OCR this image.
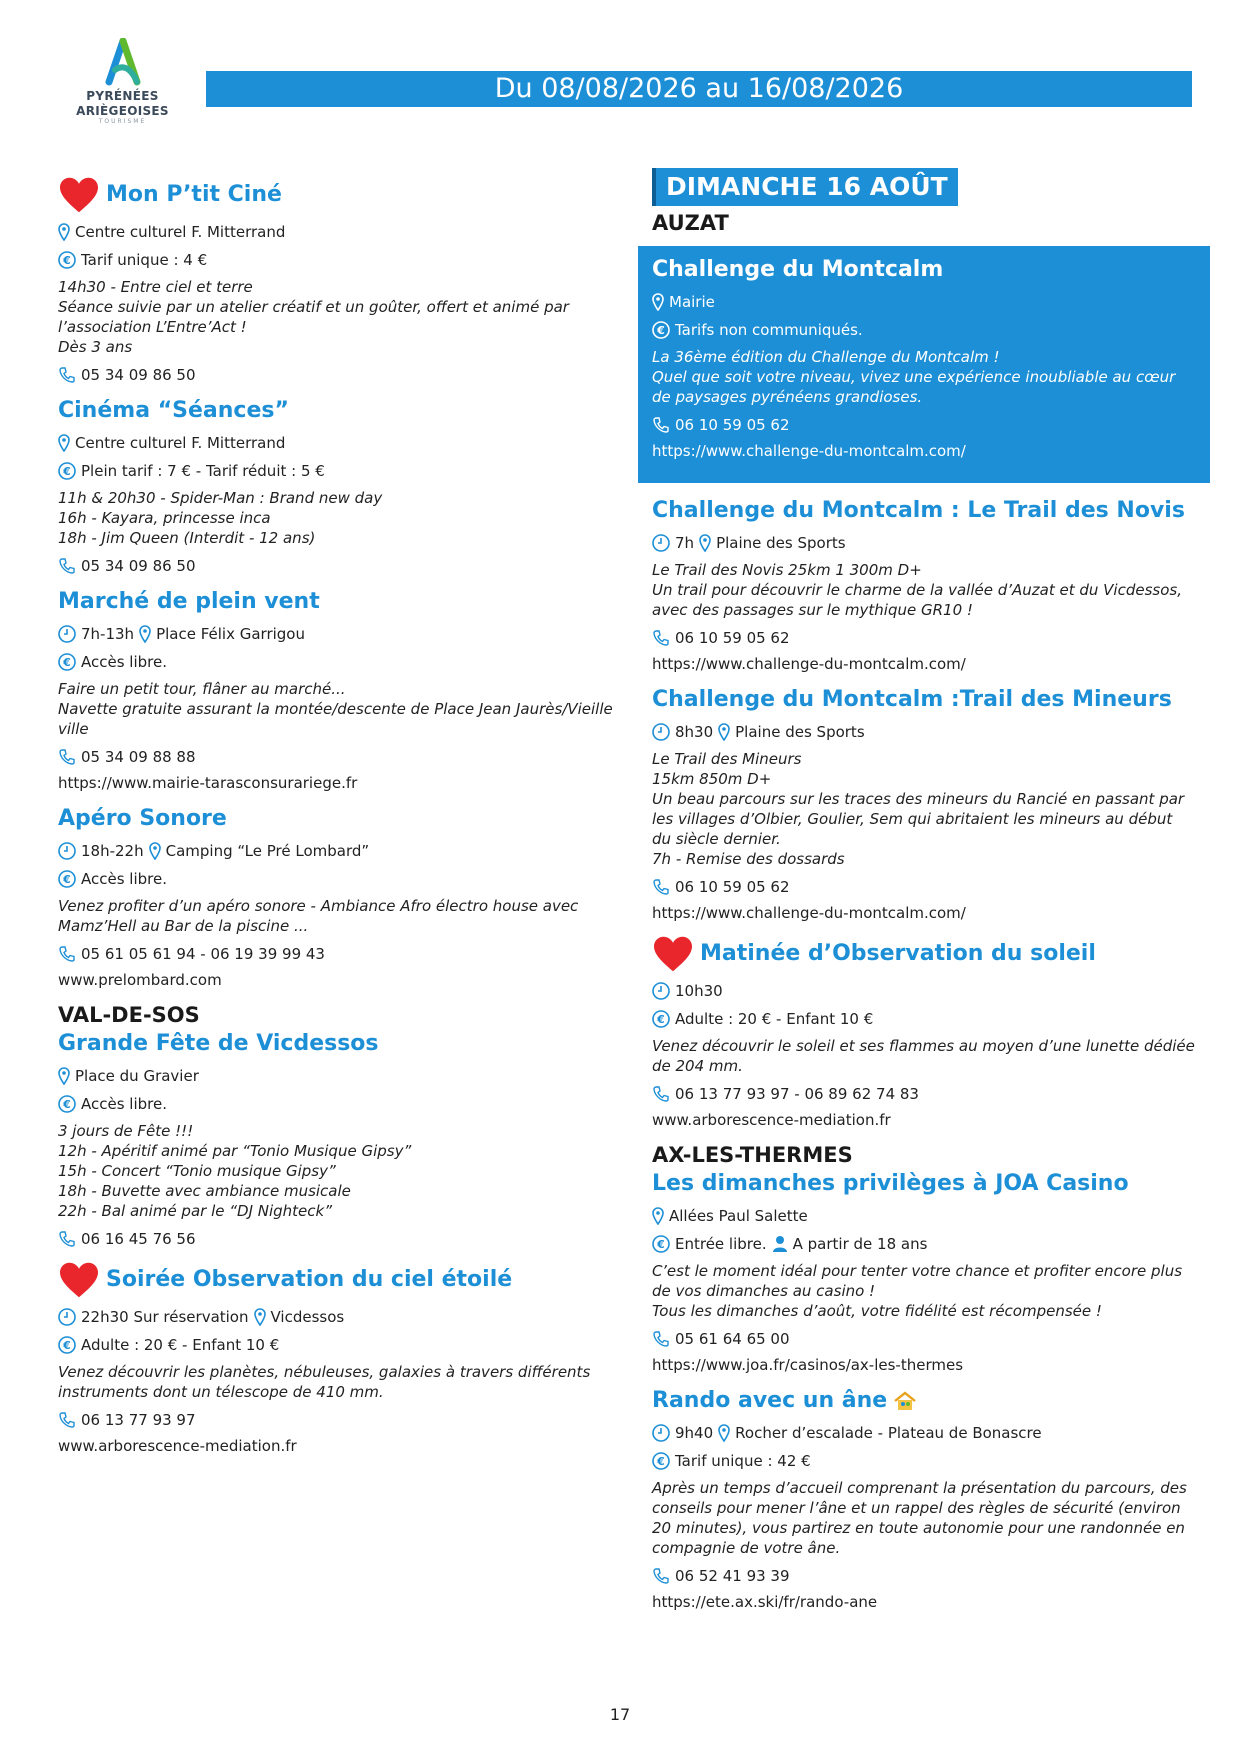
PYRÉNÉES
ARIÈGEOISES
TOURISME
Du 08/08/2026 au 16/08/2026
Mon P’tit Ciné
Centre culturel F. Mitterrand
€ Tarif unique : 4 €
14h30 - Entre ciel et terre
Séance suivie par un atelier créatif et un goûter, offert et animé par l’association L’Entre’Act !
Dès 3 ans
05 34 09 86 50
Cinéma “Séances”
Centre culturel F. Mitterrand
€ Plein tarif : 7 € - Tarif réduit : 5 €
11h & 20h30 - Spider-Man : Brand new day
16h - Kayara, princesse inca
18h - Jim Queen (Interdit - 12 ans)
05 34 09 86 50
Marché de plein vent
7h-13h Place Félix Garrigou
€ Accès libre.
Faire un petit tour, flâner au marché...
Navette gratuite assurant la montée/descente de Place Jean Jaurès/Vieille ville
05 34 09 88 88
https://www.mairie-tarasconsurariege.fr
Apéro Sonore
18h-22h Camping “Le Pré Lombard”
€ Accès libre.
Venez profiter d’un apéro sonore - Ambiance Afro électro house avec Mamz’Hell au Bar de la piscine ...
05 61 05 61 94 - 06 19 39 99 43
www.prelombard.com
VAL-DE-SOS
Grande Fête de Vicdessos
Place du Gravier
€ Accès libre.
3 jours de Fête !!!
12h - Apéritif animé par “Tonio Musique Gipsy”
15h - Concert “Tonio musique Gipsy”
18h - Buvette avec ambiance musicale
22h - Bal animé par le “DJ Nighteck”
06 16 45 76 56
Soirée Observation du ciel étoilé
22h30 Sur réservation Vicdessos
€ Adulte : 20 € - Enfant 10 €
Venez découvrir les planètes, nébuleuses, galaxies à travers différents instruments dont un télescope de 410 mm.
06 13 77 93 97
www.arborescence-mediation.fr
DIMANCHE 16 AOÛT
AUZAT
Challenge du Montcalm
Mairie
€ Tarifs non communiqués.
La 36ème édition du Challenge du Montcalm !
Quel que soit votre niveau, vivez une expérience inoubliable au cœur de paysages pyrénéens grandioses.
06 10 59 05 62
https://www.challenge-du-montcalm.com/
Challenge du Montcalm : Le Trail des Novis
7h Plaine des Sports
Le Trail des Novis 25km 1 300m D+
Un trail pour découvrir le charme de la vallée d’Auzat et du Vicdessos, avec des passages sur le mythique GR10 !
06 10 59 05 62
https://www.challenge-du-montcalm.com/
Challenge du Montcalm :Trail des Mineurs
8h30 Plaine des Sports
Le Trail des Mineurs
15km 850m D+
Un beau parcours sur les traces des mineurs du Rancié en passant par les villages d’Olbier, Goulier, Sem qui abritaient les mineurs au début du siècle dernier.
7h - Remise des dossards
06 10 59 05 62
https://www.challenge-du-montcalm.com/
Matinée d’Observation du soleil
10h30
€ Adulte : 20 € - Enfant 10 €
Venez découvrir le soleil et ses flammes au moyen d’une lunette dédiée de 204 mm.
06 13 77 93 97 - 06 89 62 74 83
www.arborescence-mediation.fr
AX-LES-THERMES
Les dimanches privilèges à JOA Casino
Allées Paul Salette
€ Entrée libre. A partir de 18 ans
C’est le moment idéal pour tenter votre chance et profiter encore plus de vos dimanches au casino !
Tous les dimanches d’août, votre fidélité est récompensée !
05 61 64 65 00
https://www.joa.fr/casinos/ax-les-thermes
Rando avec un âne
9h40 Rocher d’escalade - Plateau de Bonascre
€ Tarif unique : 42 €
Après un temps d’accueil comprenant la présentation du parcours, des conseils pour mener l’âne et un rappel des règles de sécurité (environ 20 minutes), vous partirez en toute autonomie pour une randonnée en compagnie de votre âne.
06 52 41 93 39
https://ete.ax.ski/fr/rando-ane
17
